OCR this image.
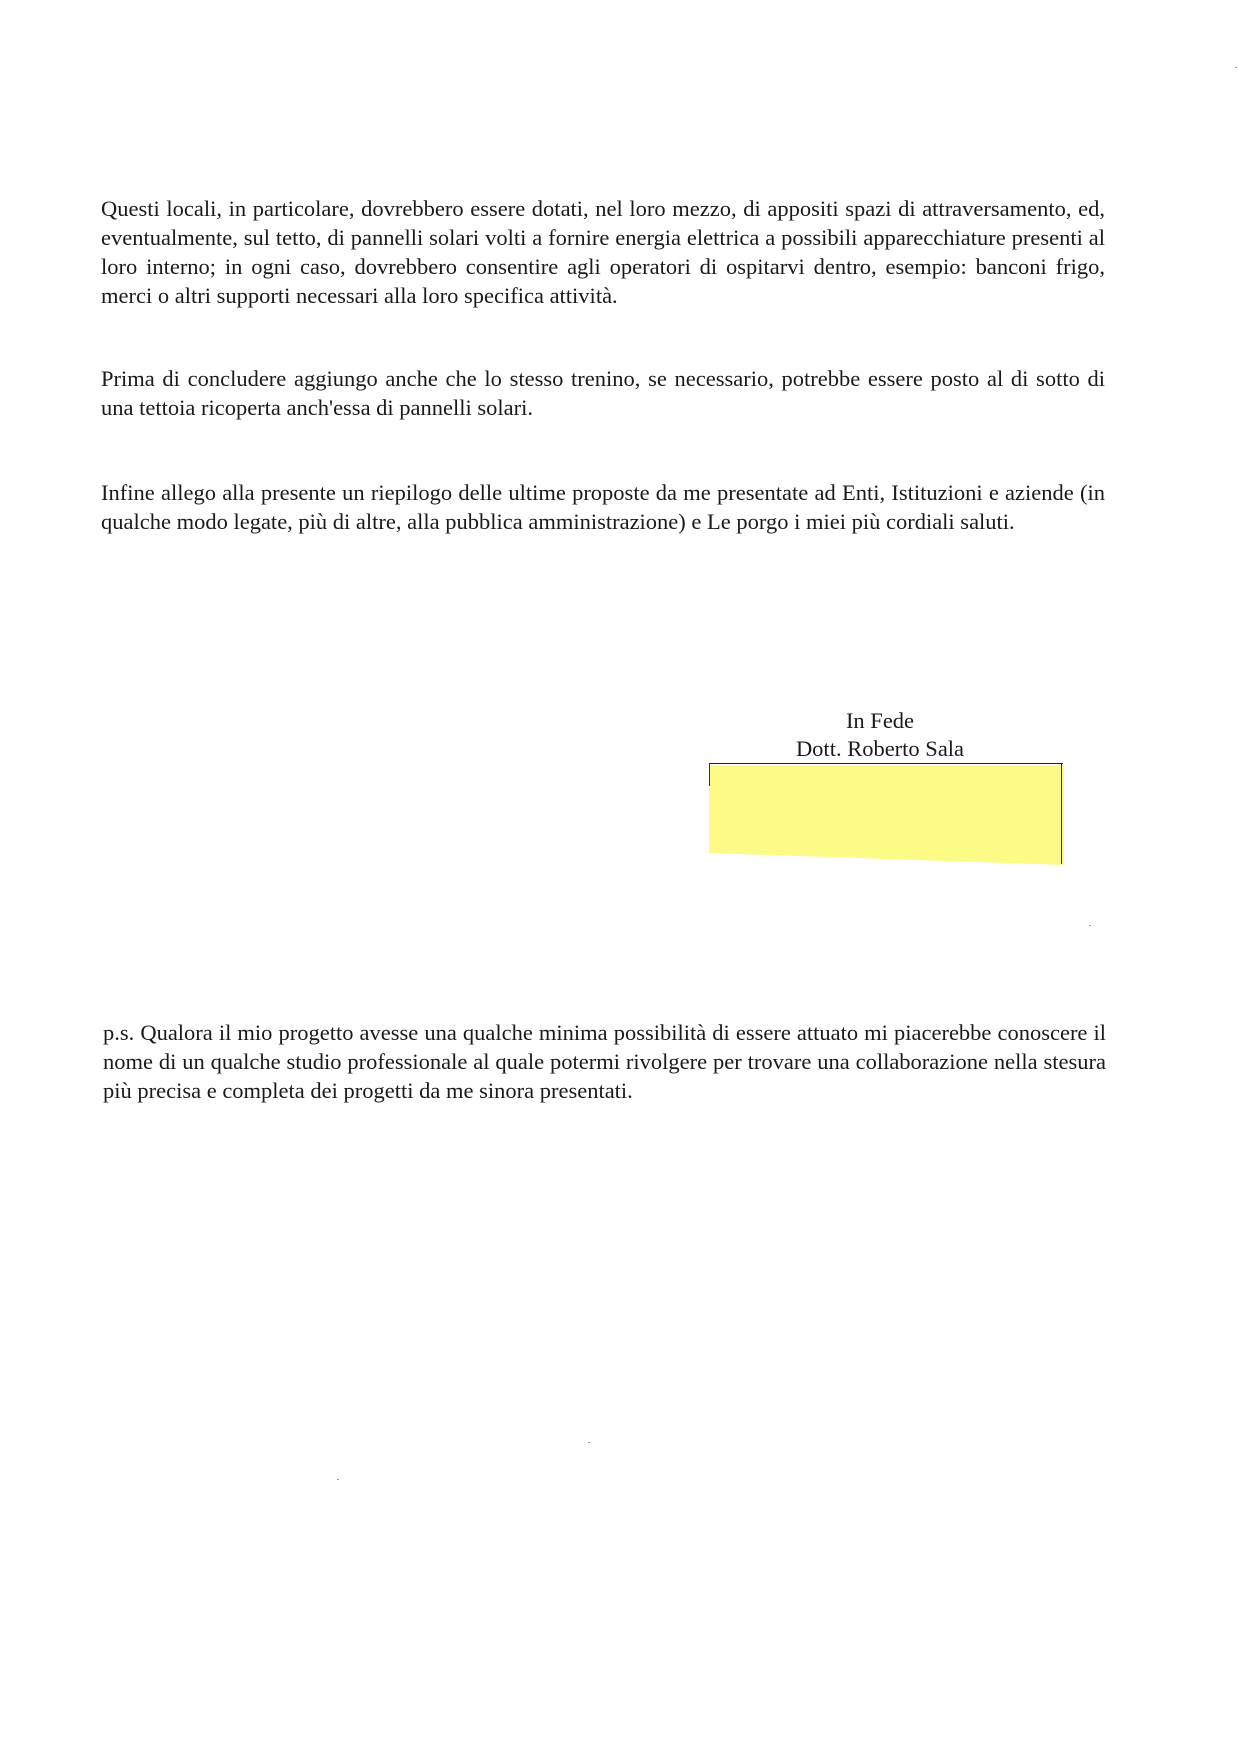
Questi locali, in particolare, dovrebbero essere dotati, nel loro mezzo, di appositi spazi di attraversamento, ed, eventualmente, sul tetto, di pannelli solari volti a fornire energia elettrica a possibili apparecchiature presenti al loro interno; in ogni caso, dovrebbero consentire agli operatori di ospitarvi dentro, esempio: banconi frigo, merci o altri supporti necessari alla loro specifica attività.

Prima di concludere aggiungo anche che lo stesso trenino, se necessario, potrebbe essere posto al di sotto di una tettoia ricoperta anch'essa di pannelli solari.

Infine allego alla presente un riepilogo delle ultime proposte da me presentate ad Enti, Istituzioni e aziende (in qualche modo legate, più di altre, alla pubblica amministrazione) e Le porgo i miei più cordiali saluti.

In Fede
Dott. Roberto Sala

p.s. Qualora il mio progetto avesse una qualche minima possibilità di essere attuato mi piacerebbe conoscere il nome di un qualche studio professionale al quale potermi rivolgere per trovare una collaborazione nella stesura più precisa e completa dei progetti da me sinora presentati.
